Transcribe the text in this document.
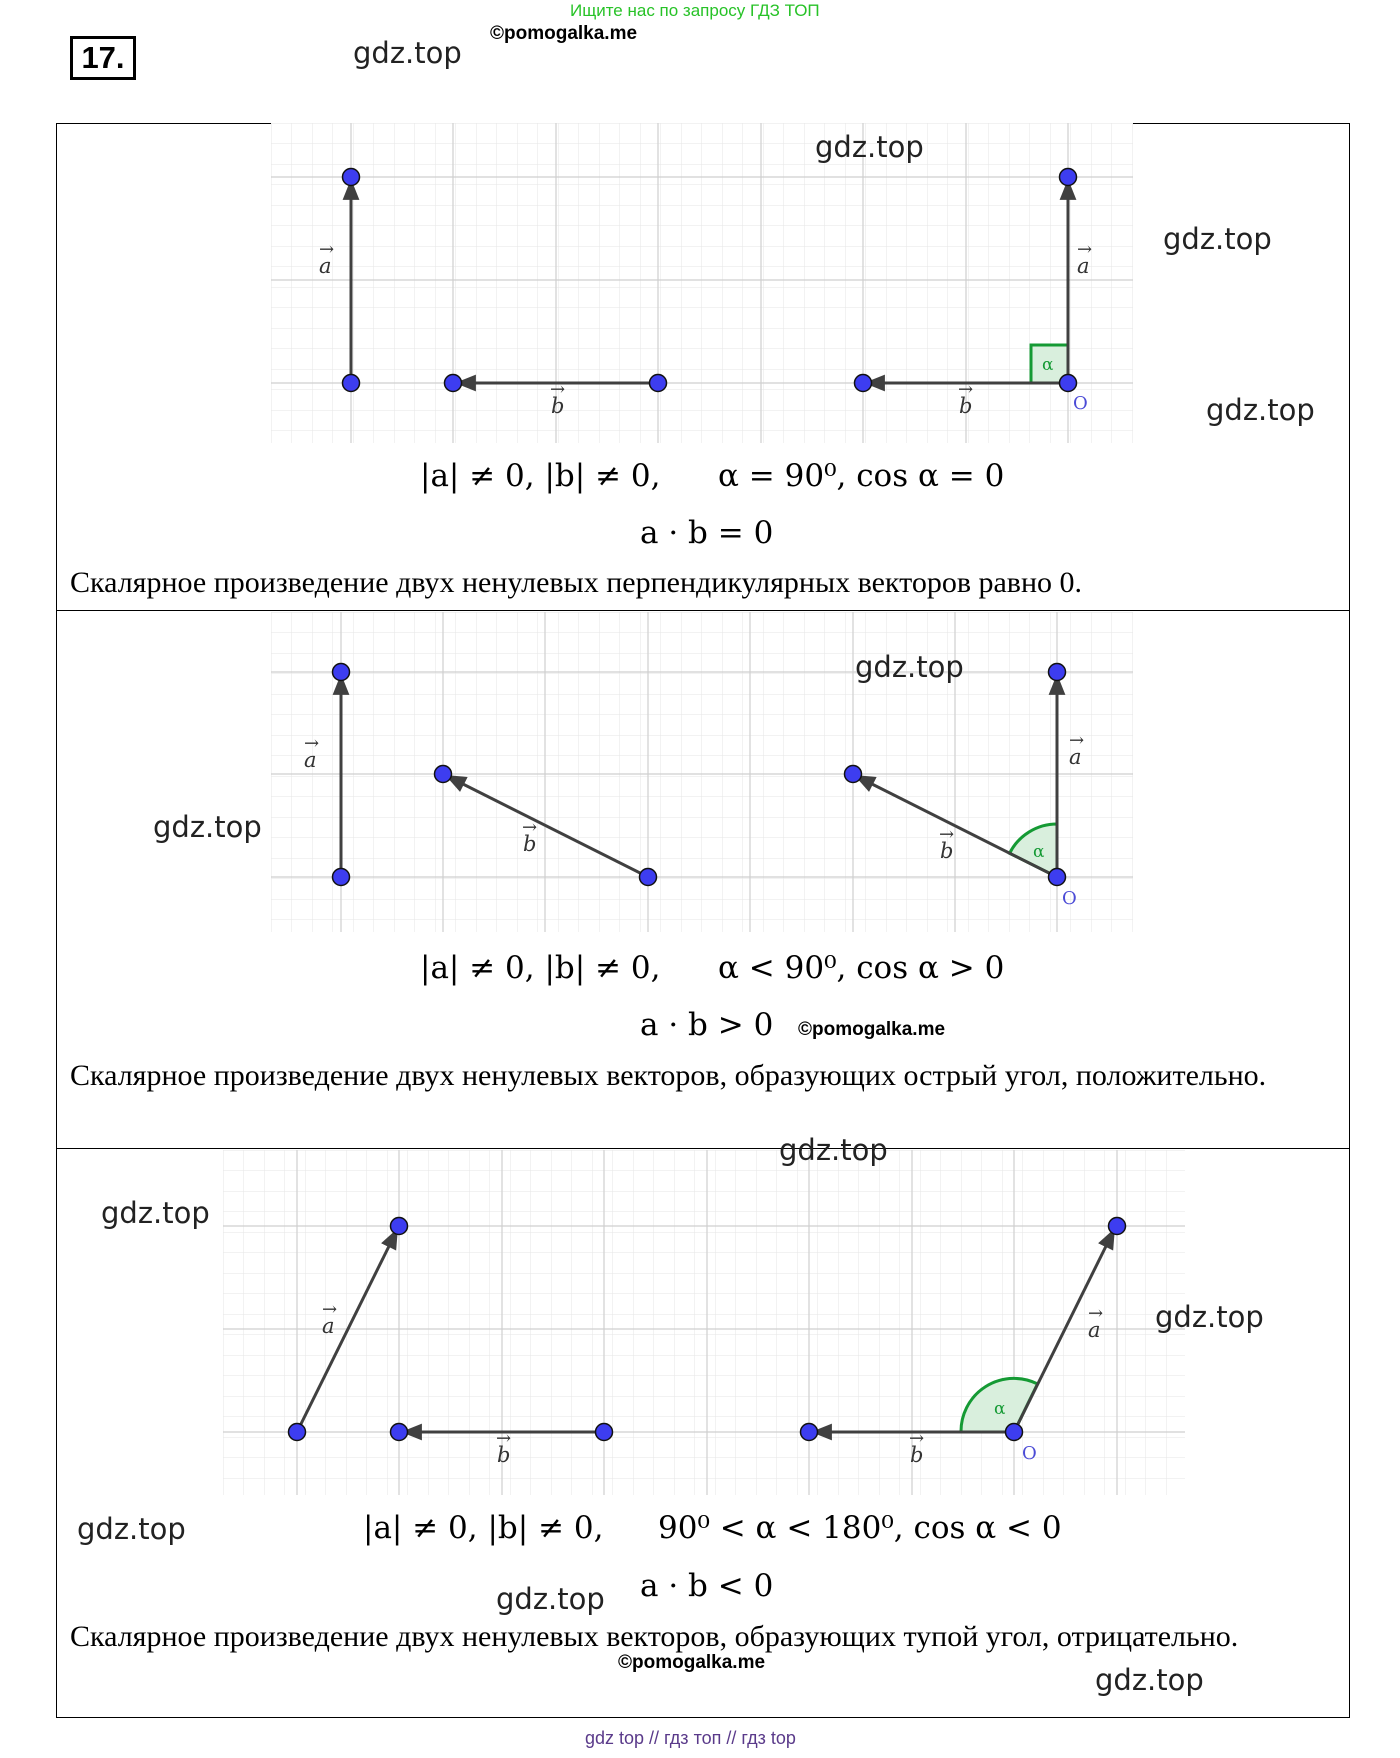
Ищите нас по запросу ГДЗ ТОП
17.
©pomogalka.me
gdz.top
a
→
b
→
a
→
b
→
α
O
|a| ≠ 0, |b| ≠ 0, α = 90⁰, cos α = 0
a · b = 0
Скалярное произведение двух ненулевых перпендикулярных векторов равно 0.
a
→
b
→
a
→
b
→
α
O
|a| ≠ 0, |b| ≠ 0, α < 90⁰, cos α > 0
a · b > 0 ©pomogalka.me
Скалярное произведение двух ненулевых векторов, образующих острый угол, положительно.
a
→
b
→
a
→
b
→
α
O
|a| ≠ 0, |b| ≠ 0, 90⁰ < α < 180⁰, cos α < 0
a · b < 0
Скалярное произведение двух ненулевых векторов, образующих тупой угол, отрицательно.
©pomogalka.me
gdz.top
gdz.top
gdz.top
gdz.top
gdz.top
gdz.top
gdz.top
gdz.top
gdz.top
gdz.top
gdz.top
gdz top // гдз топ // гдз top
